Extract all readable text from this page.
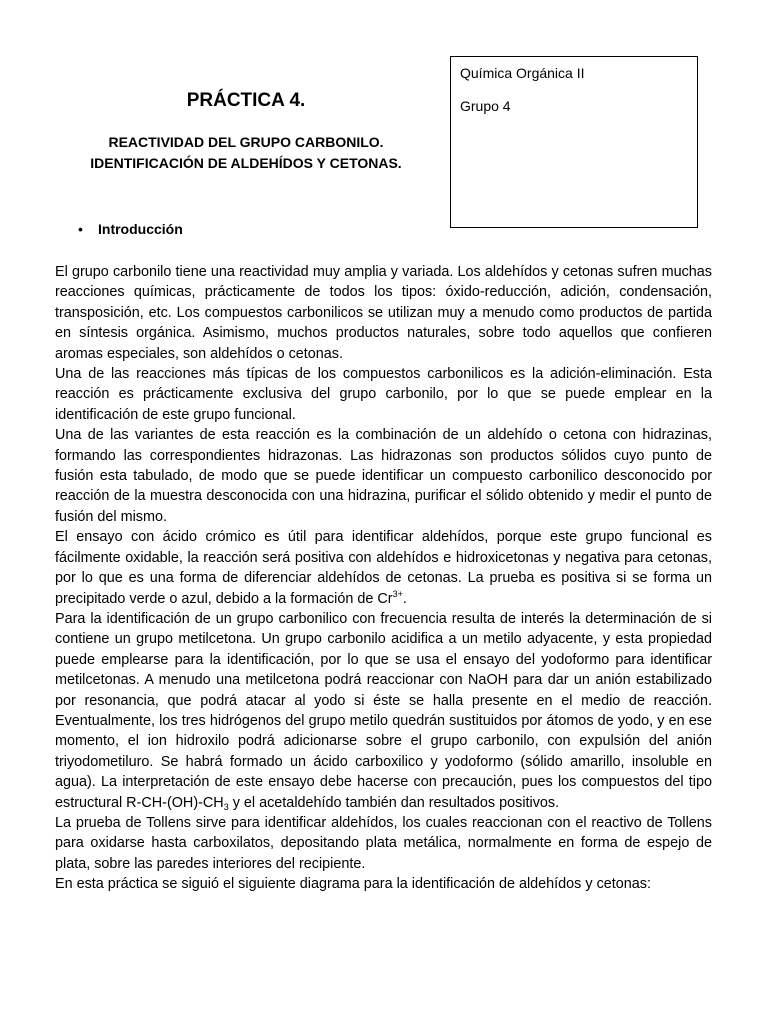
Química Orgánica II
Grupo 4
PRÁCTICA 4.
REACTIVIDAD DEL GRUPO CARBONILO.
IDENTIFICACIÓN DE ALDEHÍDOS Y CETONAS.
• Introducción

El grupo carbonilo tiene una reactividad muy amplia y variada. Los aldehídos y cetonas sufren muchas reacciones químicas, prácticamente de todos los tipos: óxido-reducción, adición, condensación, transposición, etc. Los compuestos carbonilicos se utilizan muy a menudo como productos de partida en síntesis orgánica. Asimismo, muchos productos naturales, sobre todo aquellos que confieren aromas especiales, son aldehídos o cetonas.

Una de las reacciones más típicas de los compuestos carbonilicos es la adición-eliminación. Esta reacción es prácticamente exclusiva del grupo carbonilo, por lo que se puede emplear en la identificación de este grupo funcional.

Una de las variantes de esta reacción es la combinación de un aldehído o cetona con hidrazinas, formando las correspondientes hidrazonas. Las hidrazonas son productos sólidos cuyo punto de fusión esta tabulado, de modo que se puede identificar un compuesto carbonilico desconocido por reacción de la muestra desconocida con una hidrazina, purificar el sólido obtenido y medir el punto de fusión del mismo.

El ensayo con ácido crómico es útil para identificar aldehídos, porque este grupo funcional es fácilmente oxidable, la reacción será positiva con aldehídos e hidroxicetonas y negativa para cetonas, por lo que es una forma de diferenciar aldehídos de cetonas. La prueba es positiva si se forma un precipitado verde o azul, debido a la formación de $Cr^{3+}$.

Para la identificación de un grupo carbonilico con frecuencia resulta de interés la determinación de si contiene un grupo metilcetona. Un grupo carbonilo acidifica a un metilo adyacente, y esta propiedad puede emplearse para la identificación, por lo que se usa el ensayo del yodoformo para identificar metilcetonas. A menudo una metilcetona podrá reaccionar con NaOH para dar un anión estabilizado por resonancia, que podrá atacar al yodo si éste se halla presente en el medio de reacción. Eventualmente, los tres hidrógenos del grupo metilo quedrán sustituidos por átomos de yodo, y en ese momento, el ion hidroxilo podrá adicionarse sobre el grupo carbonilo, con expulsión del anión triyodometiluro. Se habrá formado un ácido carboxilico y yodoformo (sólido amarillo, insoluble en agua). La interpretación de este ensayo debe hacerse con precaución, pues los compuestos del tipo estructural $R-CH-(OH)-CH_3$ y el acetaldehído también dan resultados positivos.

La prueba de Tollens sirve para identificar aldehídos, los cuales reaccionan con el reactivo de Tollens para oxidarse hasta carboxilatos, depositando plata metálica, normalmente en forma de espejo de plata, sobre las paredes interiores del recipiente.

En esta práctica se siguió el siguiente diagrama para la identificación de aldehídos y cetonas:
